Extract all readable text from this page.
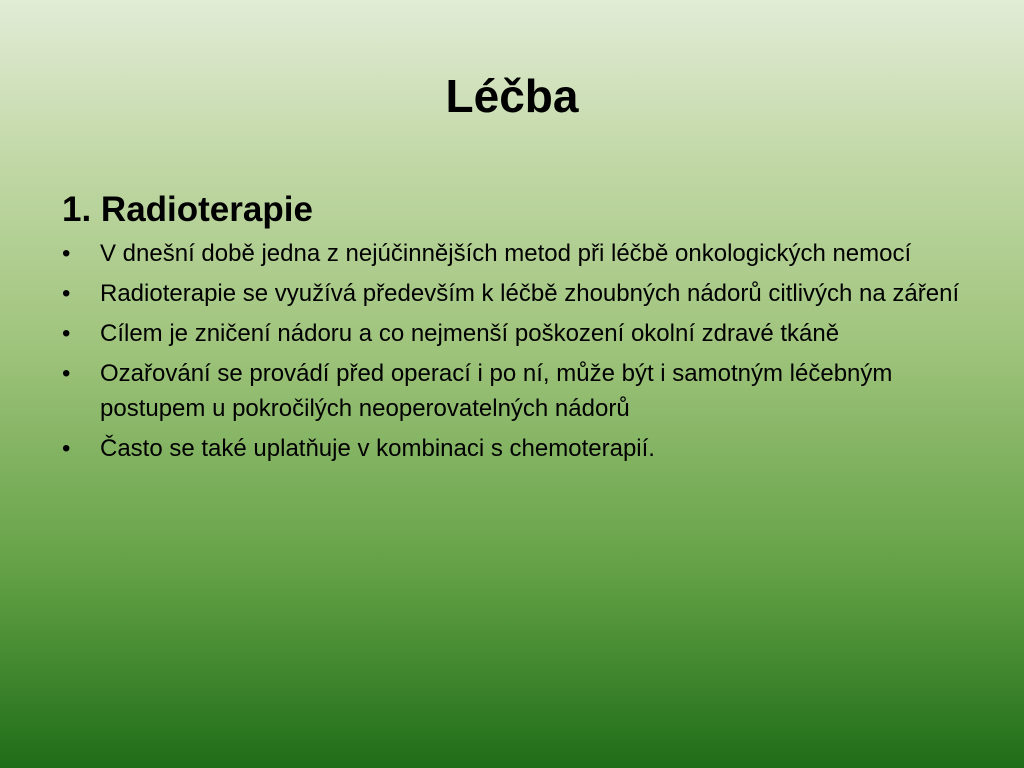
Léčba
1. Radioterapie
•	V dnešní době jedna z nejúčinnějších metod při léčbě onkologických nemocí
•	Radioterapie se využívá především k léčbě zhoubných nádorů citlivých na záření
•	Cílem je zničení nádoru a co nejmenší poškození okolní zdravé tkáně
•	Ozařování se provádí před operací i po ní, může být i samotným léčebným postupem u pokročilých neoperovatelných nádorů
•	Často se také uplatňuje v kombinaci s chemoterapií.
